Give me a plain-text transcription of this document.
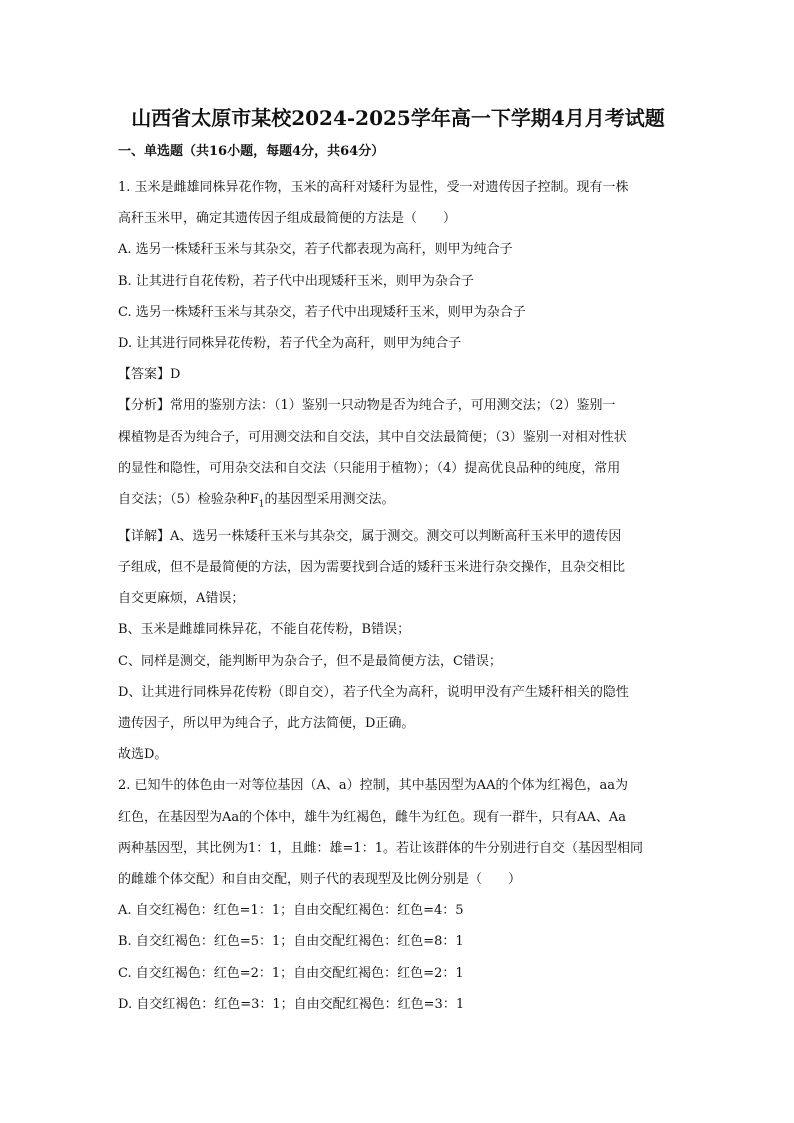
山西省太原市某校2024-2025学年高一下学期4月月考试题
一、单选题（共16小题，每题4分，共64分）

1. 玉米是雌雄同株异花作物，玉米的高秆对矮秆为显性，受一对遗传因子控制。现有一株

高秆玉米甲，确定其遗传因子组成最简便的方法是（　　）

A. 选另一株矮秆玉米与其杂交，若子代都表现为高秆，则甲为纯合子

B. 让其进行自花传粉，若子代中出现矮秆玉米，则甲为杂合子

C. 选另一株矮秆玉米与其杂交，若子代中出现矮秆玉米，则甲为杂合子

D. 让其进行同株异花传粉，若子代全为高秆，则甲为纯合子

【答案】D

【分析】常用的鉴别方法：（1）鉴别一只动物是否为纯合子，可用测交法；（2）鉴别一

棵植物是否为纯合子，可用测交法和自交法，其中自交法最简便；（3）鉴别一对相对性状

的显性和隐性，可用杂交法和自交法（只能用于植物）；（4）提高优良品种的纯度，常用

自交法；（5）检验杂种$F_1$的基因型采用测交法。

【详解】A、选另一株矮秆玉米与其杂交，属于测交。测交可以判断高秆玉米甲的遗传因

子组成，但不是最简便的方法，因为需要找到合适的矮秆玉米进行杂交操作，且杂交相比

自交更麻烦，A错误；

B、玉米是雌雄同株异花，不能自花传粉，B错误；

C、同样是测交，能判断甲为杂合子，但不是最简便方法，C错误；

D、让其进行同株异花传粉（即自交），若子代全为高秆，说明甲没有产生矮秆相关的隐性

遗传因子，所以甲为纯合子，此方法简便，D正确。

故选D。

2. 已知牛的体色由一对等位基因（A、a）控制，其中基因型为AA的个体为红褐色，aa为

红色，在基因型为Aa的个体中，雄牛为红褐色，雌牛为红色。现有一群牛，只有AA、Aa

两种基因型，其比例为1：1，且雌：雄=1：1。若让该群体的牛分别进行自交（基因型相同

的雌雄个体交配）和自由交配，则子代的表现型及比例分别是（　　）

A. 自交红褐色：红色=1：1；自由交配红褐色：红色=4：5

B. 自交红褐色：红色=5：1；自由交配红褐色：红色=8：1

C. 自交红褐色：红色=2：1；自由交配红褐色：红色=2：1

D. 自交红褐色：红色=3：1；自由交配红褐色：红色=3：1
